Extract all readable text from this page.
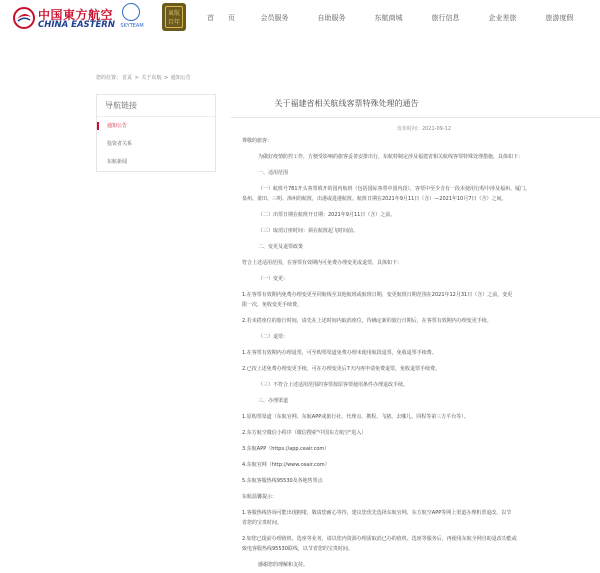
中国東方航空
CHINA EASTERN SKYTEAM
東航
百年
首　　页	会员服务	自助服务	东航商城	旅行信息	企业差旅	旅游度假
您的位置：首页 > 关于东航 > 通知公告
导航链接
通知公告
投资者关系
东航新闻
关于福建省相关航线客票特殊处理的通告
发布时间：2021-09-12
尊敬的旅客：
为做好疫情防控工作，方便受影响的旅客妥善安排出行，东航特制定涉及福建省相关航线客票特殊处理措施，具体如下：
一、适用范围
（一）航班号781开头客票填开的国内航班（包括国际客票中国内段），客票中至少含有一段未使用行程中涉及福州、厦门、
泉州、莆田、三明、漳州的航班，出港或进港航班。航班日期在2021年9月11日（含）—2021年10月7日（含）之间。
（二）出票日期在航班开日期：2021年9月11日（含）之前。
（三）取消订座时间：须在航班起飞时间前。
二、变更及退票政策
符合上述适用范围，在客票有效期内可免费办理变更或退票，具体如下：
（一）变更：
1.在客票有效期内免费办理变更至同航线至其他航班或航班日期，变更航班日期范围在2021年12月31日（含）之前，变更
限一次，免收变更手续费。
2.若未搭座位的旅行时间，请先在上述时间内取消座位，待确定新的旅行日期后，在客票有效期内办理变更手续。
（二）退票：
1.在客票有效期内办理退票，可至购票渠道免费办理未使用航段退票，免收退票手续费。
2.已按上述免费办理变更手续，可在办理变更后7天内再申请免费退票，免收退票手续费。
（三）不符合上述适用范围的客票按原客票使用条件办理退改手续。
三、办理渠道
1.原购票渠道（东航官网、东航APP或旅行社、代理点、携程、飞猪、去哪儿、同程等第三方平台等）。
2.东方航空微信小程序（微信搜索"中国东方航空"进入）
3.东航APP（https://app.ceair.com）
4.东航官网（http://www.ceair.com）
5.东航客服热线95530及各地售票点
东航温馨提示：
1.客服热线咨询可能出现拥堵，敬请您耐心等待，建议您优先选择东航官网、东方航空APP等网上渠道办理机票退改，以节
省您的宝贵时间。
2.如您已提前办理值机、选座等业务，请以您内资源办理需取消已办的值机、选座等服务后，再使用东航全网自助退改功能或
致电客服热线95530联线，以节省您的宝贵时间。
感谢您的理解和支持。
